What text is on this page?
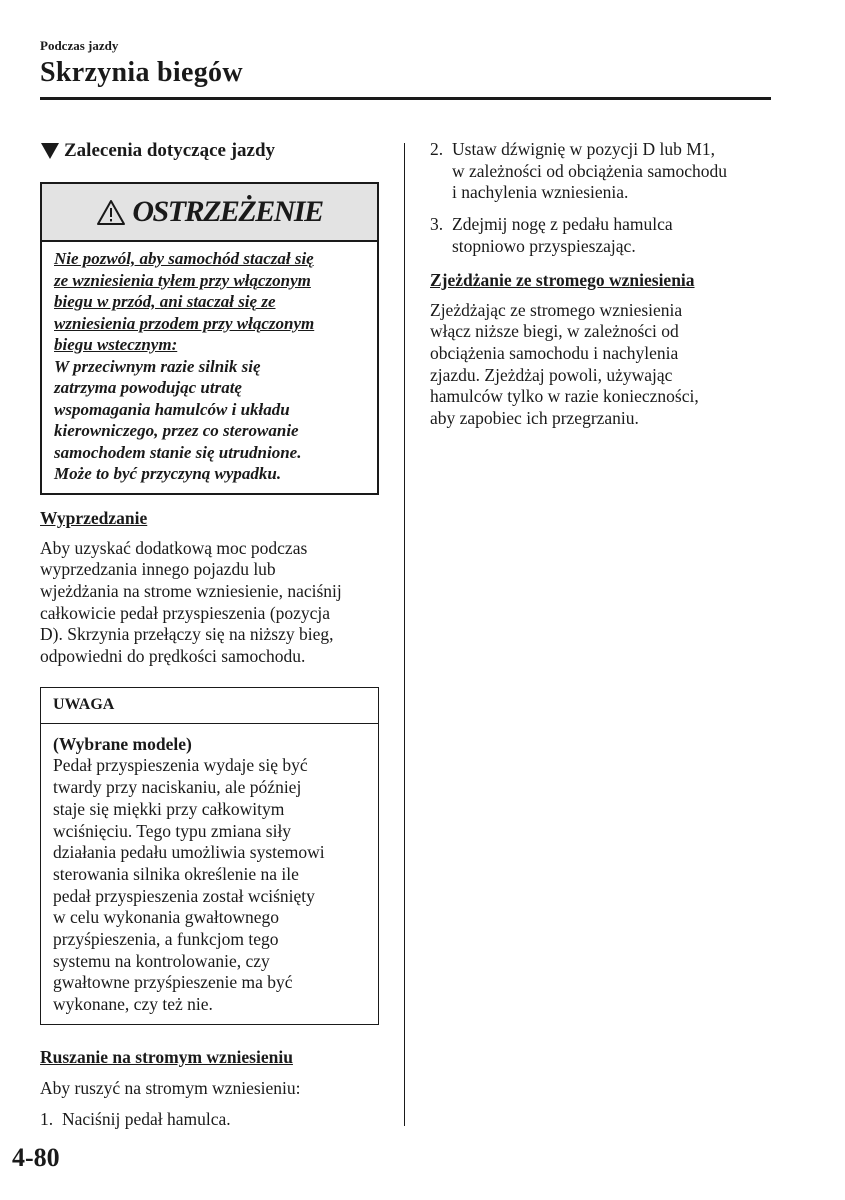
Podczas jazdy
Skrzynia biegów
Zalecenia dotyczące jazdy
OSTRZEŻENIE
Nie pozwól, aby samochód staczał się
ze wzniesienia tyłem przy włączonym
biegu w przód, ani staczał się ze
wzniesienia przodem przy włączonym
biegu wstecznym:
W przeciwnym razie silnik się
zatrzyma powodując utratę
wspomagania hamulców i układu
kierowniczego, przez co sterowanie
samochodem stanie się utrudnione.
Może to być przyczyną wypadku.
Wyprzedzanie
Aby uzyskać dodatkową moc podczas
wyprzedzania innego pojazdu lub
wjeżdżania na strome wzniesienie, naciśnij
całkowicie pedał przyspieszenia (pozycja
D). Skrzynia przełączy się na niższy bieg,
odpowiedni do prędkości samochodu.
UWAGA
(Wybrane modele)
Pedał przyspieszenia wydaje się być
twardy przy naciskaniu, ale później
staje się miękki przy całkowitym
wciśnięciu. Tego typu zmiana siły
działania pedału umożliwia systemowi
sterowania silnika określenie na ile
pedał przyspieszenia został wciśnięty
w celu wykonania gwałtownego
przyśpieszenia, a funkcjom tego
systemu na kontrolowanie, czy
gwałtowne przyśpieszenie ma być
wykonane, czy też nie.
Ruszanie na stromym wzniesieniu
Aby ruszyć na stromym wzniesieniu:
1. Naciśnij pedał hamulca.
2. Ustaw dźwignię w pozycji D lub M1,
w zależności od obciążenia samochodu
i nachylenia wzniesienia.
3. Zdejmij nogę z pedału hamulca
stopniowo przyspieszając.
Zjeżdżanie ze stromego wzniesienia
Zjeżdżając ze stromego wzniesienia
włącz niższe biegi, w zależności od
obciążenia samochodu i nachylenia
zjazdu. Zjeżdżaj powoli, używając
hamulców tylko w razie konieczności,
aby zapobiec ich przegrzaniu.
4-80
